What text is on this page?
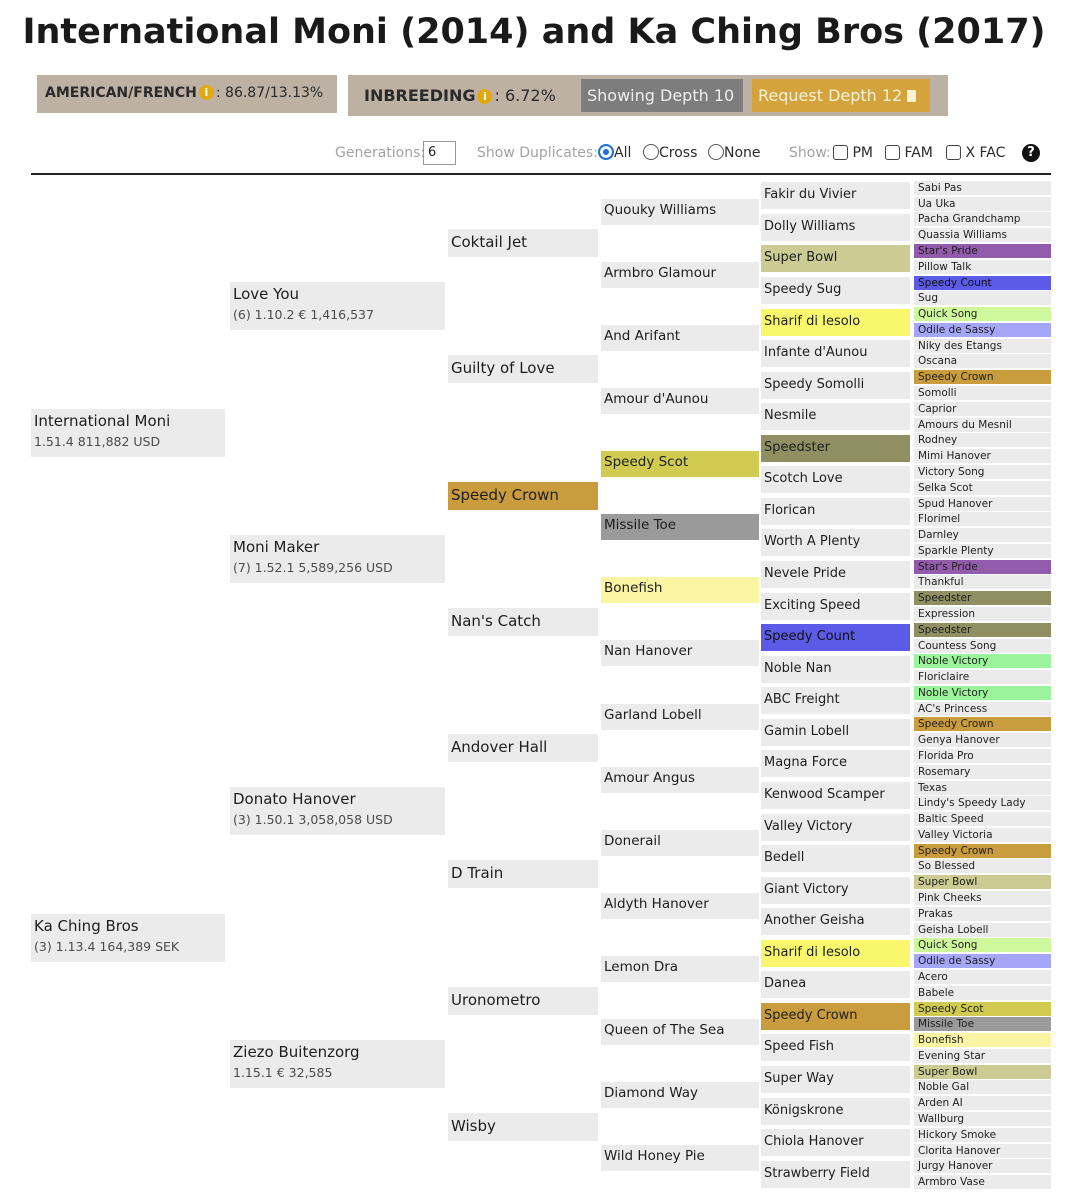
International Moni (2014) and Ka Ching Bros (2017)
AMERICAN/FRENCH i : 86.87/13.13%	INBREEDING i : 6.72%	Showing Depth 10	Request Depth 12
Generations: 6	Show Duplicates:	All	Cross	None Show:	PM	FAM	X FAC	?
International Moni
1.51.4 811,882 USD
Ka Ching Bros
(3) 1.13.4 164,389 SEK
Love You
(6) 1.10.2 € 1,416,537
Moni Maker
(7) 1.52.1 5,589,256 USD
Donato Hanover
(3) 1.50.1 3,058,058 USD
Ziezo Buitenzorg
1.15.1 € 32,585
Coktail Jet
Guilty of Love
Speedy Crown
Nan's Catch
Andover Hall
D Train
Uronometro
Wisby
Quouky Williams
Armbro Glamour
And Arifant
Amour d'Aunou
Speedy Scot
Missile Toe
Bonefish
Nan Hanover
Garland Lobell
Amour Angus
Donerail
Aldyth Hanover
Lemon Dra
Queen of The Sea
Diamond Way
Wild Honey Pie
Fakir du Vivier
Dolly Williams
Super Bowl
Speedy Sug
Sharif di Iesolo
Infante d'Aunou
Speedy Somolli
Nesmile
Speedster
Scotch Love
Florican
Worth A Plenty
Nevele Pride
Exciting Speed
Speedy Count
Noble Nan
ABC Freight
Gamin Lobell
Magna Force
Kenwood Scamper
Valley Victory
Bedell
Giant Victory
Another Geisha
Sharif di Iesolo
Danea
Speedy Crown
Speed Fish
Super Way
Königskrone
Chiola Hanover
Strawberry Field
Sabi Pas
Ua Uka
Pacha Grandchamp
Quassia Williams
Star's Pride
Pillow Talk
Speedy Count
Sug
Quick Song
Odile de Sassy
Niky des Etangs
Oscana
Speedy Crown
Somolli
Caprior
Amours du Mesnil
Rodney
Mimi Hanover
Victory Song
Selka Scot
Spud Hanover
Florimel
Darnley
Sparkle Plenty
Star's Pride
Thankful
Speedster
Expression
Speedster
Countess Song
Noble Victory
Floriclaire
Noble Victory
AC's Princess
Speedy Crown
Genya Hanover
Florida Pro
Rosemary
Texas
Lindy's Speedy Lady
Baltic Speed
Valley Victoria
Speedy Crown
So Blessed
Super Bowl
Pink Cheeks
Prakas
Geisha Lobell
Quick Song
Odile de Sassy
Acero
Babele
Speedy Scot
Missile Toe
Bonefish
Evening Star
Super Bowl
Noble Gal
Arden AI
Wallburg
Hickory Smoke
Clorita Hanover
Jurgy Hanover
Armbro Vase
